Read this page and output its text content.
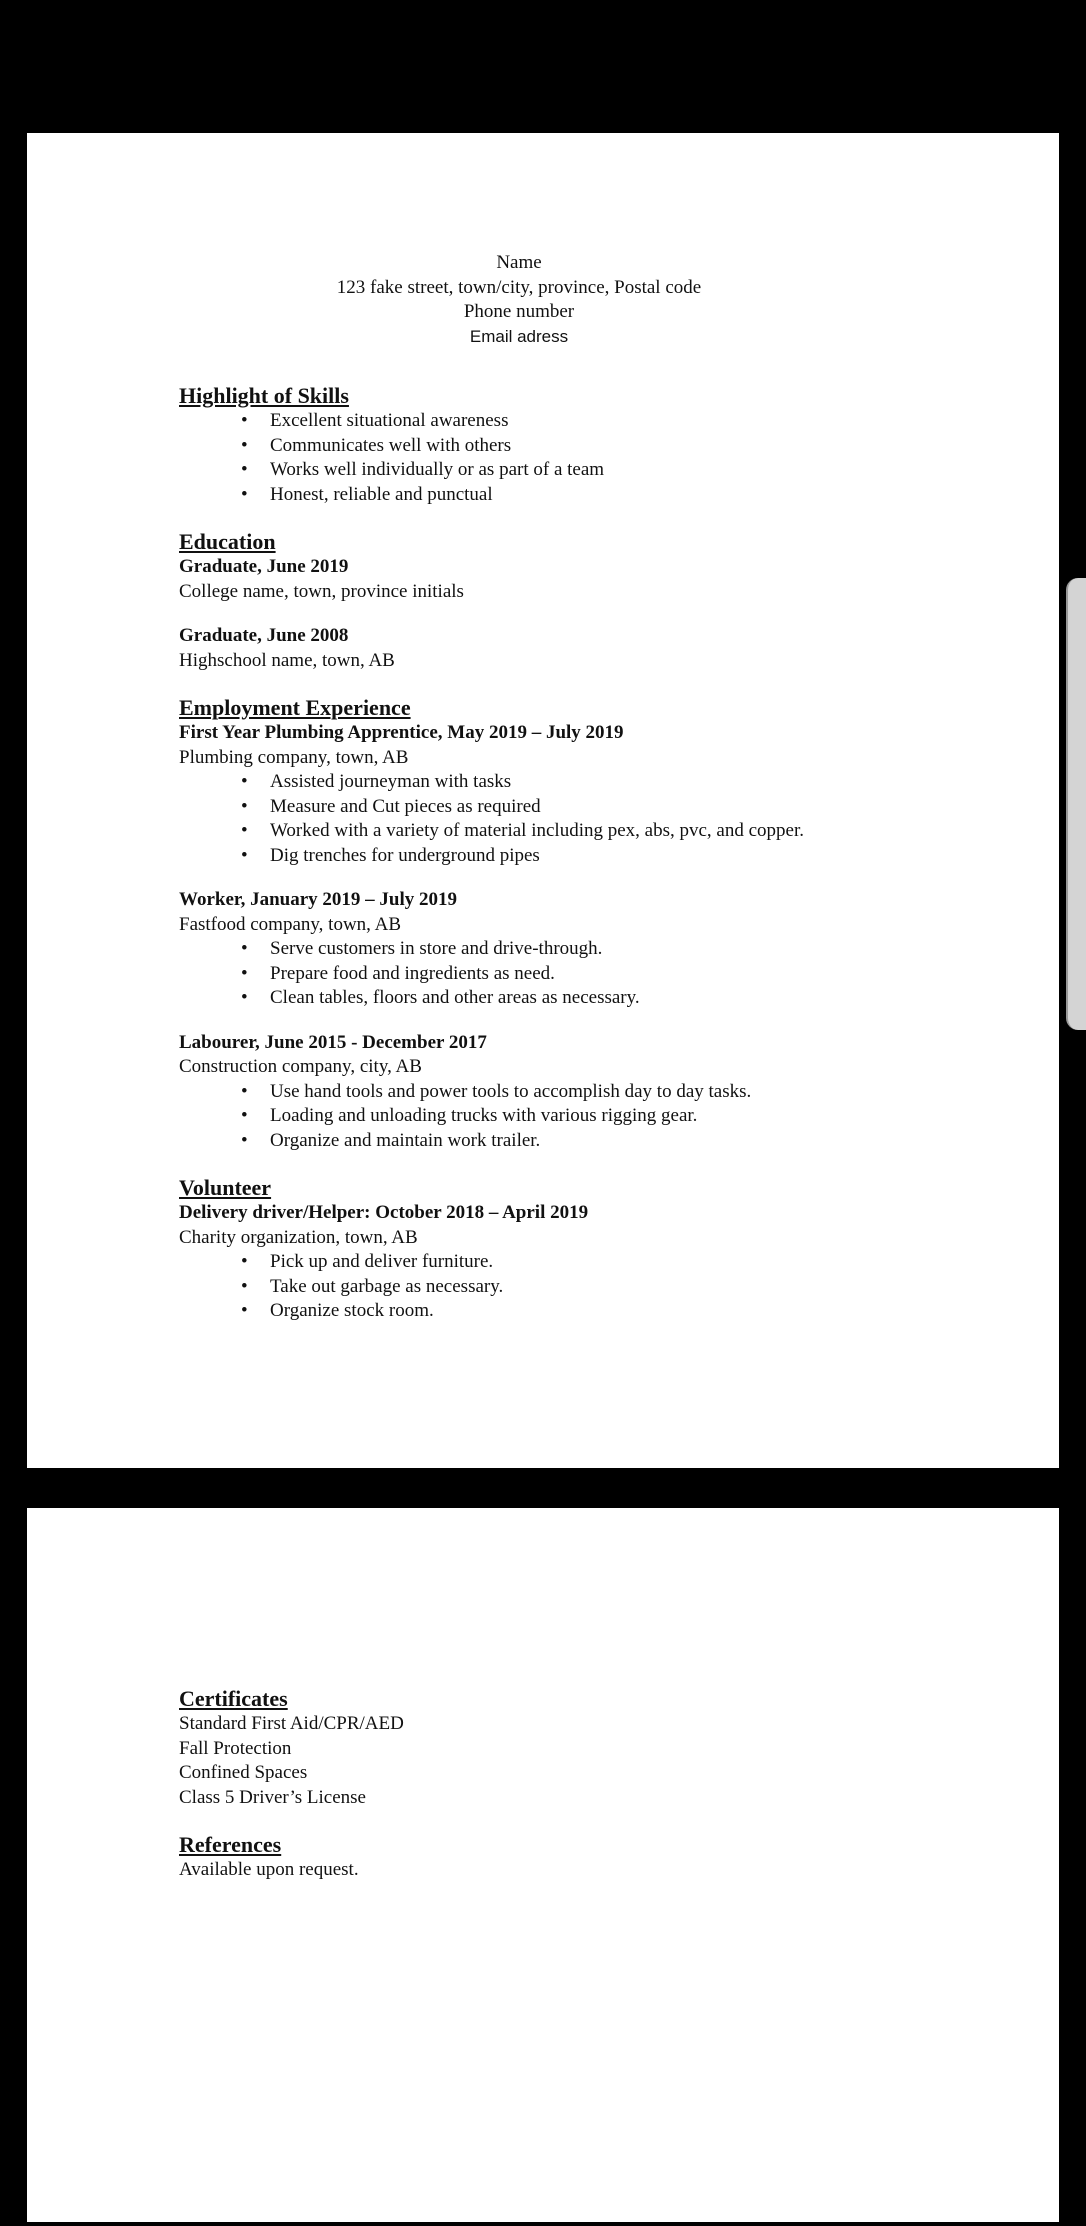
Name
123 fake street, town/city, province, Postal code
Phone number
Email adress
Highlight of Skills
• Excellent situational awareness
• Communicates well with others
• Works well individually or as part of a team
• Honest, reliable and punctual
Education
Graduate, June 2019
College name, town, province initials
Graduate, June 2008
Highschool name, town, AB
Employment Experience
First Year Plumbing Apprentice, May 2019 – July 2019
Plumbing company, town, AB
• Assisted journeyman with tasks
• Measure and Cut pieces as required
• Worked with a variety of material including pex, abs, pvc, and copper.
• Dig trenches for underground pipes
Worker, January 2019 – July 2019
Fastfood company, town, AB
• Serve customers in store and drive-through.
• Prepare food and ingredients as need.
• Clean tables, floors and other areas as necessary.
Labourer, June 2015 - December 2017
Construction company, city, AB
• Use hand tools and power tools to accomplish day to day tasks.
• Loading and unloading trucks with various rigging gear.
• Organize and maintain work trailer.
Volunteer
Delivery driver/Helper: October 2018 – April 2019
Charity organization, town, AB
• Pick up and deliver furniture.
• Take out garbage as necessary.
• Organize stock room.
Certificates
Standard First Aid/CPR/AED
Fall Protection
Confined Spaces
Class 5 Driver’s License
References
Available upon request.
